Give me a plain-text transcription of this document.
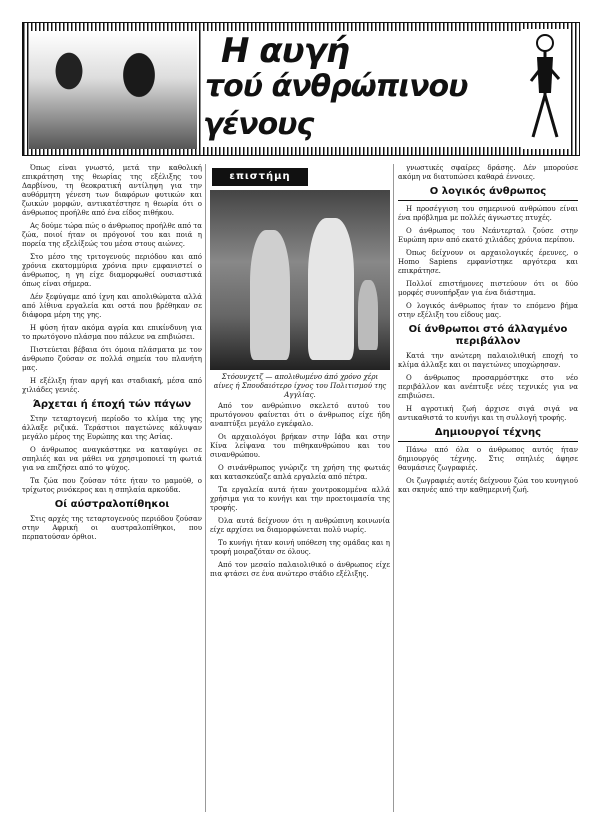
Η αυγή
τού άνθρώπινου
γένους

Όπως είναι γνωστό, μετά την καθολική επικράτηση της θεωρίας της εξέλιξης του Δαρβίνου, τη θεοκρατική αντίληψη για την αυθόρμητη γένεση των διαφόρων φυτικών και ζωικών μορφών, αντικατέστησε η θεωρία ότι ο άνθρωπος προήλθε από ένα είδος πιθήκου.

Ας δούμε τώρα πώς ο άνθρωπος προήλθε από τα ζώα, ποιοί ήταν οι πρόγονοί του και ποιά η πορεία της εξελίξεώς του μέσα στους αιώνες.

Στο μέσο της τριτογενούς περιόδου και από χρόνια εκατομμύρια χρόνια πριν εμφανιστεί ο άνθρωπος, η γη είχε διαμορφωθεί ουσιαστικά όπως είναι σήμερα.

Δέν ξεφύγαμε από ίχνη και απολιθώματα αλλά από λίθινα εργαλεία και οστά που βρέθηκαν σε διάφορα μέρη της γης.

Η φύση ήταν ακόμα αγρία και επικίνδυνη για το πρωτόγονο πλάσμα που πάλευε να επιβιώσει.

Πιστεύεται βέβαια ότι όμοια πλάσματα με τον άνθρωπο ζούσαν σε πολλά σημεία του πλανήτη μας.

Η εξέλιξη ήταν αργή και σταδιακή, μέσα από χιλιάδες γενιές.

Άρχεται ή έποχή τών πάγων

Στην τεταρτογενή περίοδο το κλίμα της γης άλλαξε ριζικά. Τεράστιοι παγετώνες κάλυψαν μεγάλο μέρος της Ευρώπης και της Ασίας.

Ο άνθρωπος αναγκάστηκε να καταφύγει σε σπηλιές και να μάθει να χρησιμοποιεί τη φωτιά για να επιζήσει από το ψύχος.

Τα ζώα που ζούσαν τότε ήταν το μαμούθ, ο τρίχωτος ρινόκερος και η σπηλαία αρκούδα.

Οί αύστραλοπίθηκοι

Στις αρχές της τεταρτογενούς περιόδου ζούσαν στην Αφρική οι αυστραλοπίθηκοι, που περπατούσαν όρθιοι.

επιστήμη
Στόουνχετζ — απολιθωμένο άπό χρόνο χέρι αίνες ή Σπουδαιότερο ίχνος του Πολιτισμού της Αγγλίας.

Από τον ανθρώπινο σκελετό αυτού του πρωτόγονου φαίνεται ότι ο άνθρωπος είχε ήδη αναπτύξει μεγάλο εγκέφαλο.

Οι αρχαιολόγοι βρήκαν στην Ιάβα και στην Κίνα λείψανα του πιθηκανθρώπου και του σινανθρώπου.

Ο σινάνθρωπος γνώριζε τη χρήση της φωτιάς και κατασκεύαζε απλά εργαλεία από πέτρα.

Τα εργαλεία αυτά ήταν χοντροκομμένα αλλά χρήσιμα για το κυνήγι και την προετοιμασία της τροφής.

Όλα αυτά δείχνουν ότι η ανθρώπινη κοινωνία είχε αρχίσει να διαμορφώνεται πολύ νωρίς.

Το κυνήγι ήταν κοινή υπόθεση της ομάδας και η τροφή μοιραζόταν σε όλους.

Από τον μεσαίο παλαιολιθικό ο άνθρωπος είχε πια φτάσει σε ένα ανώτερο στάδιο εξέλιξης.

γνωστικές σφαίρες δράσης. Δέν μπορούσε ακόμη να διατυπώσει καθαρά έννοιες.

Ο λογικός άνθρωπος

Η προσέγγιση του σημερινού ανθρώπου είναι ένα πρόβλημα με πολλές άγνωστες πτυχές.

Ο άνθρωπος του Νεάντερταλ ζούσε στην Ευρώπη πριν από εκατό χιλιάδες χρόνια περίπου.

Όπως δείχνουν οι αρχαιολογικές έρευνες, ο Homo Sapiens εμφανίστηκε αργότερα και επικράτησε.

Πολλοί επιστήμονες πιστεύουν ότι οι δύο μορφές συνυπήρξαν για ένα διάστημα.

Ο λογικός άνθρωπος ήταν το επόμενο βήμα στην εξέλιξη του είδους μας.

Οί άνθρωποι στό άλλαγμένο περιβάλλον

Κατά την ανώτερη παλαιολιθική εποχή το κλίμα άλλαξε και οι παγετώνες υποχώρησαν.

Ο άνθρωπος προσαρμόστηκε στο νέο περιβάλλον και ανέπτυξε νέες τεχνικές για να επιβιώσει.

Η αγροτική ζωή άρχισε σιγά σιγά να αντικαθιστά το κυνήγι και τη συλλογή τροφής.

Δημιουργοί τέχνης

Πάνω από όλα ο άνθρωπος αυτός ήταν δημιουργός τέχνης. Στις σπηλιές άφησε θαυμάσιες ζωγραφιές.

Οι ζωγραφιές αυτές δείχνουν ζώα του κυνηγιού και σκηνές από την καθημερινή ζωή.
